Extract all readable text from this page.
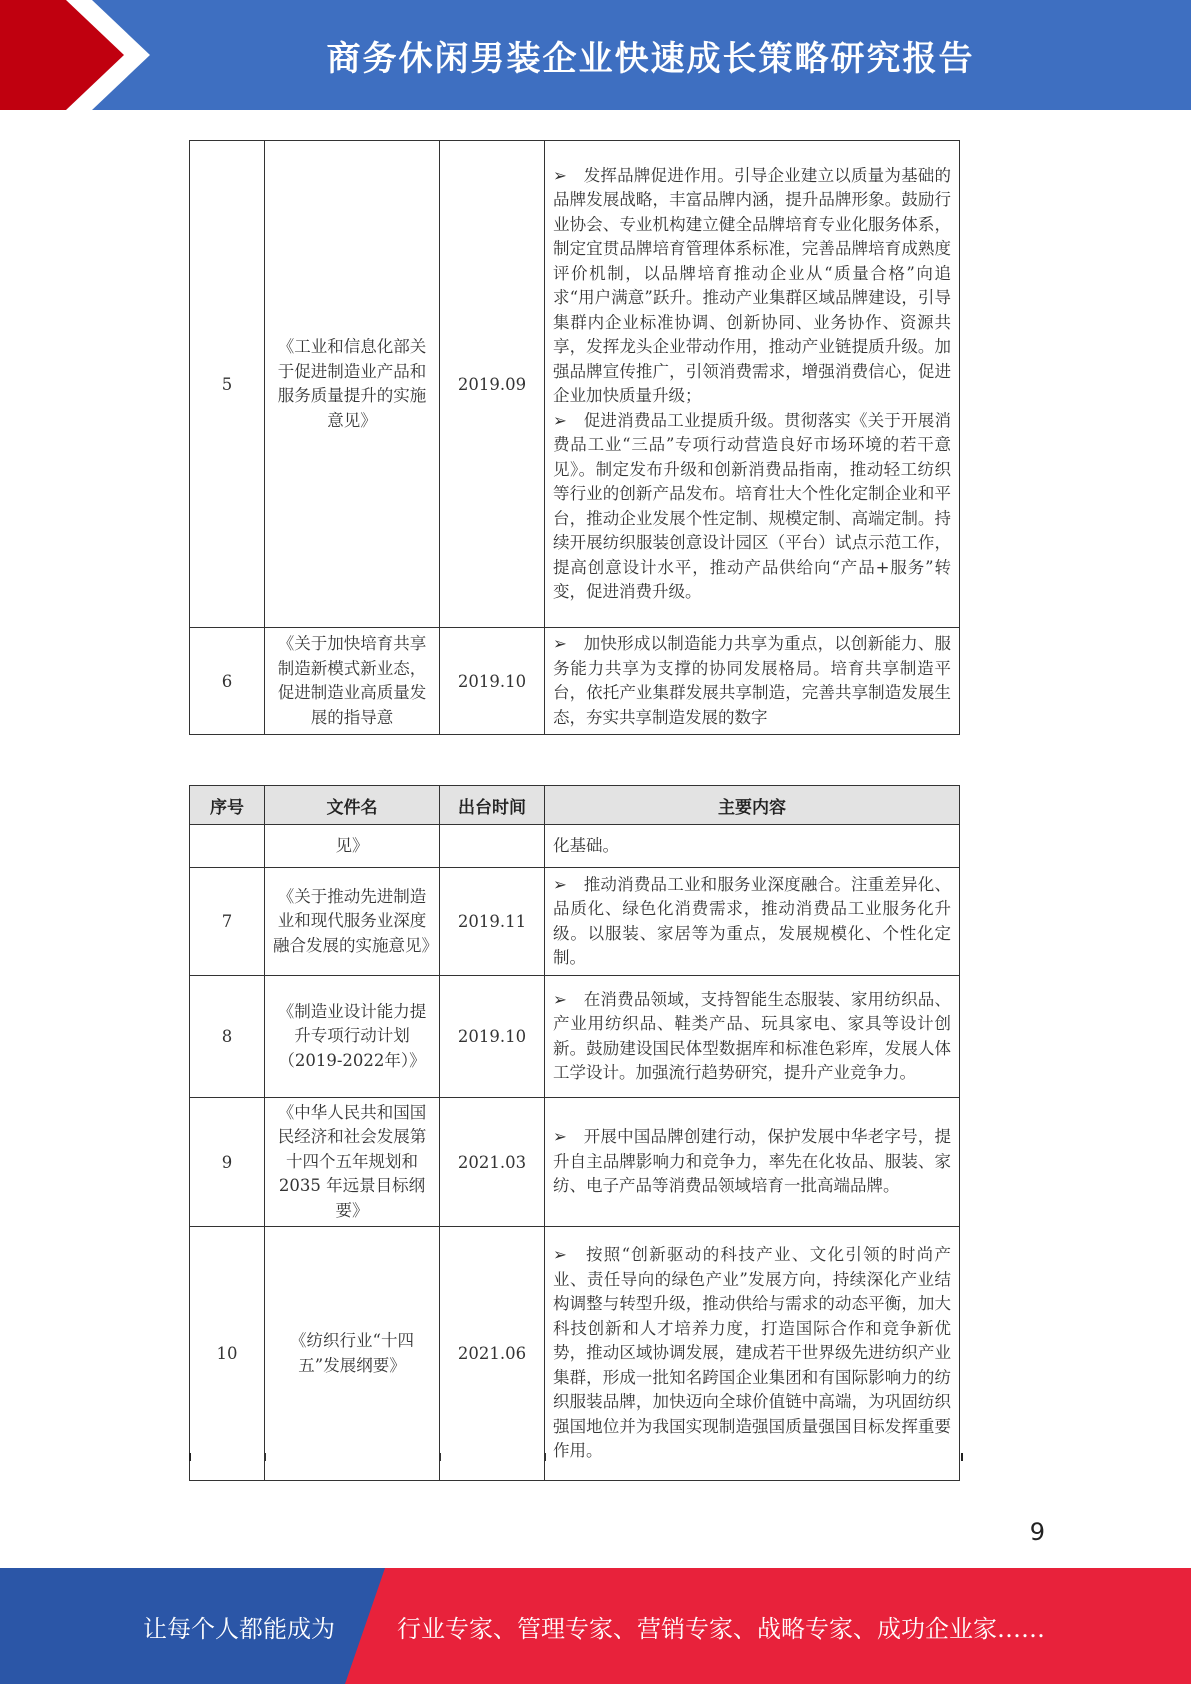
商务休闲男装企业快速成长策略研究报告
5	《工业和信息化部关于促进制造业产品和服务质量提升的实施意见》	2019.09	➢　发挥品牌促进作用。引导企业建立以质量为基础的品牌发展战略，丰富品牌内涵，提升品牌形象。鼓励行业协会、专业机构建立健全品牌培育专业化服务体系，制定宜贯品牌培育管理体系标准，完善品牌培育成熟度评价机制，以品牌培育推动企业从“质量合格”向追求“用户满意”跃升。推动产业集群区域品牌建设，引导集群内企业标准协调、创新协同、业务协作、资源共享，发挥龙头企业带动作用，推动产业链提质升级。加强品牌宣传推广，引领消费需求，增强消费信心，促进企业加快质量升级；
➢　促进消费品工业提质升级。贯彻落实《关于开展消费品工业“三品”专项行动营造良好市场环境的若干意见》。制定发布升级和创新消费品指南，推动轻工纺织等行业的创新产品发布。培育壮大个性化定制企业和平台，推动企业发展个性定制、规模定制、高端定制。持续开展纺织服装创意设计园区（平台）试点示范工作，提高创意设计水平，推动产品供给向“产品+服务”转变，促进消费升级。

6	《关于加快培育共享制造新模式新业态，促进制造业高质量发展的指导意	2019.10	➢　加快形成以制造能力共享为重点，以创新能力、服务能力共享为支撑的协同发展格局。培育共享制造平台，依托产业集群发展共享制造，完善共享制造发展生态，夯实共享制造发展的数字
序号	文件名	出台时间	主要内容
	见》		化基础。
7	《关于推动先进制造业和现代服务业深度融合发展的实施意见》	2019.11	➢　推动消费品工业和服务业深度融合。注重差异化、品质化、绿色化消费需求，推动消费品工业服务化升级。以服装、家居等为重点，发展规模化、个性化定制。
8	《制造业设计能力提升专项行动计划（2019-2022年）》	2019.10	➢　在消费品领域，支持智能生态服装、家用纺织品、产业用纺织品、鞋类产品、玩具家电、家具等设计创新。鼓励建设国民体型数据库和标准色彩库，发展人体工学设计。加强流行趋势研究，提升产业竞争力。
9	《中华人民共和国国民经济和社会发展第十四个五年规划和 2035 年远景目标纲要》	2021.03	➢　开展中国品牌创建行动，保护发展中华老字号，提升自主品牌影响力和竞争力，率先在化妆品、服装、家纺、电子产品等消费品领域培育一批高端品牌。
10	《纺织行业“十四五”发展纲要》	2021.06	➢　按照“创新驱动的科技产业、文化引领的时尚产业、责任导向的绿色产业”发展方向，持续深化产业结构调整与转型升级，推动供给与需求的动态平衡，加大科技创新和人才培养力度，打造国际合作和竞争新优势，推动区域协调发展，建成若干世界级先进纺织产业集群，形成一批知名跨国企业集团和有国际影响力的纺织服装品牌，加快迈向全球价值链中高端，为巩固纺织强国地位并为我国实现制造强国质量强国目标发挥重要作用。
9
让每个人都能成为	行业专家、管理专家、营销专家、战略专家、成功企业家……
